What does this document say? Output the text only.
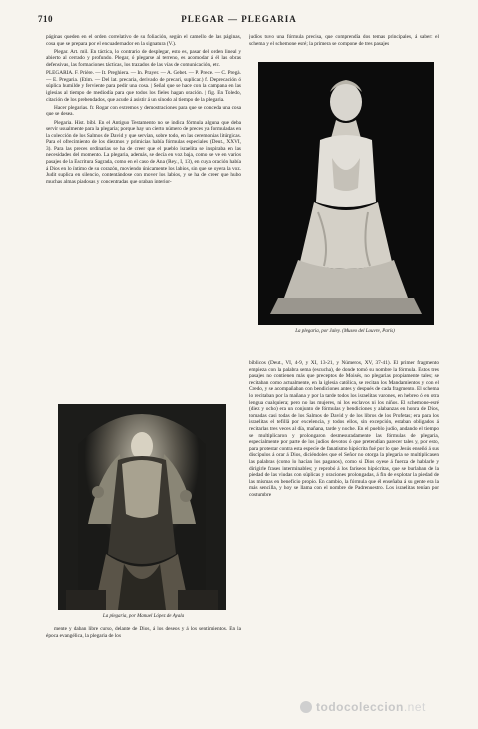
710	PLEGAR — PLEGARIA

páginas queden en el orden correlativo de su foliación, según el camello de las páginas, cosa que se prepara por el encuadernador en la signatura (V.).

Plegar. Art. mil. En táctica, lo contrario de desplegar, esto es, pasar del orden lineal y abierto al cerrado y profundo. Plegar, ó plegarse al terreno, es acomodar á él las obras defensivas, las formaciones tácticas, los trazados de las vías de comunicación, etc.

PLEGARIA. F. Prière. — It. Preghiera. — In. Prayer. — A. Gebet. — P. Prece. — C. Pregà. — E. Pregaria. (Etim. — Del lat. precaria, derivado de precari, suplicar.) f. Deprecación ó súplica humilde y ferviente para pedir una cosa. | Señal que se hace con la campana en las iglesias al tiempo de mediodía para que todos los fieles hagan oración. | fig. En Toledo, citación de los prebendados, que acude á asistir á un sínodo al tiempo de la plegaria.

Hacer plegarias. fr. Rogar con extremos y demostraciones para que se conceda una cosa que se desea.

Plegaria. Hist. bíbl. En el Antiguo Testamento no se indica fórmula alguna que deba servir usualmente para la plegaria; porque hay un cierto número de preces ya formuladas en la colección de los Salmos de David y que servían, sobre todo, en las ceremonias litúrgicas. Para el ofrecimiento de los diezmos y primicias había fórmulas especiales (Deut., XXVI, 3). Para las preces ordinarias se ha de creer que el pueblo israelita se inspiraba en las necesidades del momento. La plegaria, además, se decía en voz baja, como se ve en varios pasajes de la Escritura Sagrada, como en el caso de Ana (Rey., I, 13), en cuya oración había á Dios en lo íntimo de su corazón, moviendo únicamente los labios, sin que se oyera la voz. Judit suplica en silencio, contentándose con mover los labios, y se ha de creer que hubo muchas almas piadosas y concentradas que oraban interior-

La plegaria, por Manuel López de Ayala

mente y daban libre curso, delante de Dios, á los deseos y á los sentimientos. En la época evangélica, la plegaria de los

judíos tuvo una fórmula precisa, que comprendía dos temas principales, á saber: el schema y el schemone esré; la primera se compone de tres pasajes

La plegaria, por Jaley. (Museo del Louvre, París)

bíblicos (Deut., VI, 4-9, y XI, 13-21, y Números, XV, 37-41). El primer fragmento empieza con la palabra sema (escucha), de donde tomó su nombre la fórmula. Estos tres pasajes no contienen más que preceptos de Moisés, no plegarias propiamente tales; se recitaban como actualmente, en la iglesia católica, se recitan los Mandamientos y con el Credo, y se acompañaban con bendiciones antes y después de cada fragmento. El schema lo recitaban por la mañana y por la tarde todos los israelitas varones, en hebreo ó en otra lengua cualquiera; pero no las mujeres, ni los esclavos ni los niños. El schemone-esré (diez y ocho) era un conjunto de fórmulas y bendiciones y alabanzas en honra de Dios, tomadas casi todas de los Salmos de David y de los libros de los Profetas; era para los israelitas el tefillâ por excelencia, y todos ellos, sin excepción, estaban obligados á recitarlas tres veces al día, mañana, tarde y noche. En el pueblo judío, andando el tiempo se multiplicaron y prolongaron desmesuradamente las fórmulas de plegaria, especialmente por parte de los judíos devotos ó que pretendían parecer tales y, por esto, para protestar contra esta especie de fanatismo hipócrita fué por lo que Jesús enseñó á sus discípulos á orar á Dios, diciéndoles que el Señor no otorga la plegaria se multiplicasen las palabras (como lo hacían los paganos), como si Dios oyese á fuerza de hablarle y dirigirle frases interminables; y reprobó á los fariseos hipócritas, que se burlaban de la piedad de las viudas con súplicas y oraciones prolongadas, á fin de explotar la piedad de las mismas en beneficio propio. En cambio, la fórmula que él enseñaba á su gente era la más sencilla, y hoy se llama con el nombre de Padrenuestro. Los israelitas tenían por costumbre

todocoleccion.net
